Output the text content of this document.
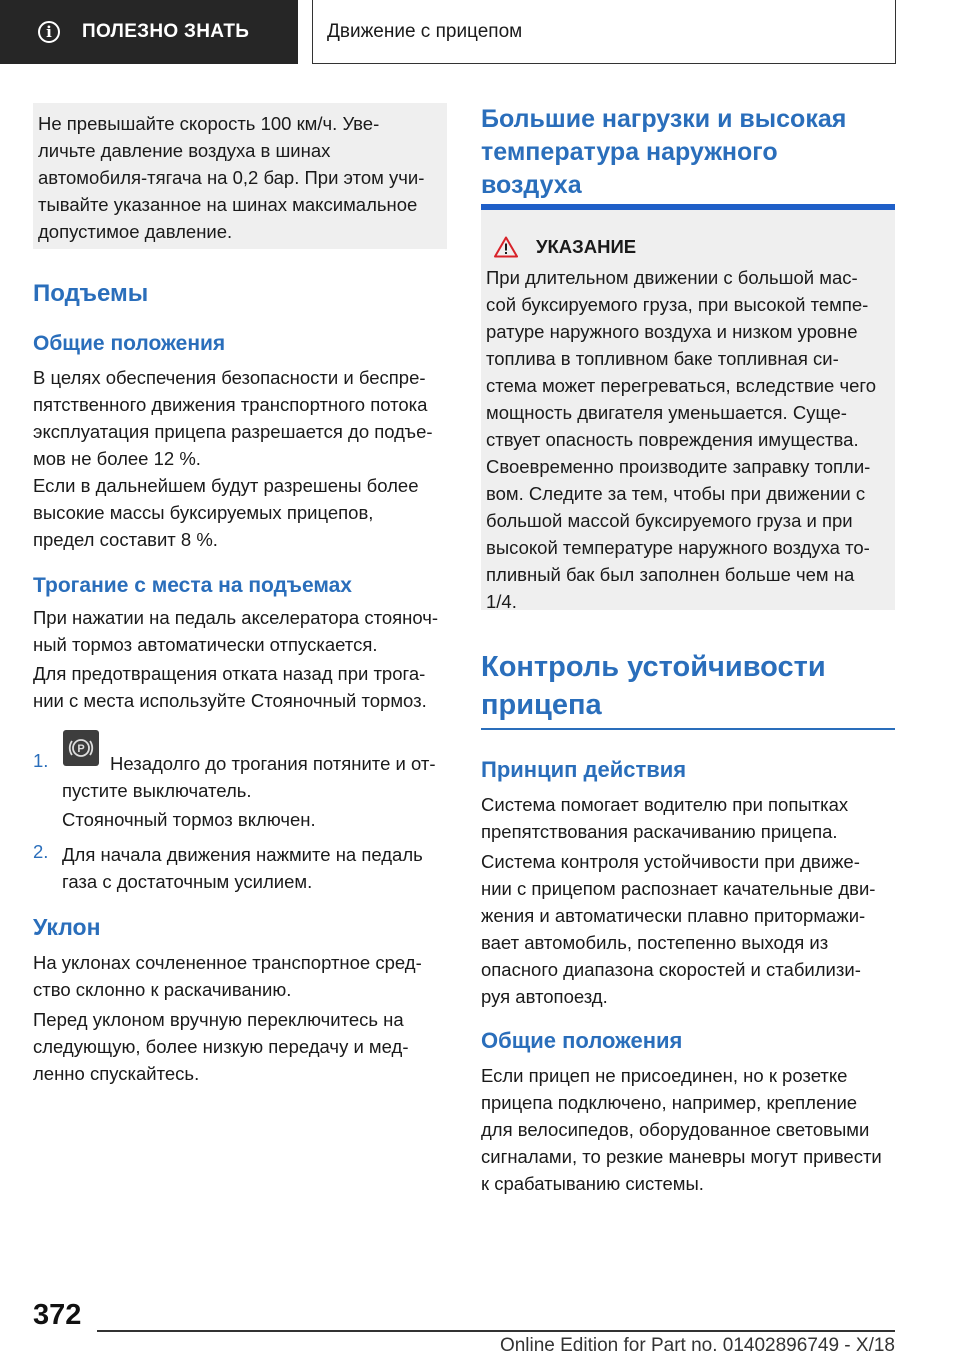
i	ПОЛЕЗНО ЗНАТЬ	Движение с прицепом

Не превышайте скорость 100 км/ч. Уве-

личьте давление воздуха в шинах

автомобиля-тягача на 0,2 бар. При этом учи-

тывайте указанное на шинах максимальное

допустимое давление.

Подъемы
Общие положения

В целях обеспечения безопасности и беспре-

пятственного движения транспортного потока

эксплуатация прицепа разрешается до подъе-

мов не более 12 %.

Если в дальнейшем будут разрешены более

высокие массы буксируемых прицепов,

предел составит 8 %.

Трогание с места на подъемах

При нажатии на педаль акселератора стояноч-

ный тормоз автоматически отпускается.

Для предотвращения отката назад при трога-

нии с места используйте Стояночный тормоз.

1.
P

Незадолго до трогания потяните и от-

пустите выключатель.

Стояночный тормоз включен.

2. Для начала движения нажмите на педаль

газа с достаточным усилием.

Уклон

На уклонах сочлененное транспортное сред-

ство склонно к раскачиванию.

Перед уклоном вручную переключитесь на

следующую, более низкую передачу и мед-

ленно спускайтесь.

Большие нагрузки и высокая
температура наружного
воздуха
УКАЗАНИЕ

При длительном движении с большой мас-

сой буксируемого груза, при высокой темпе-

ратуре наружного воздуха и низком уровне

топлива в топливном баке топливная си-

стема может перегреваться, вследствие чего

мощность двигателя уменьшается. Суще-

ствует опасность повреждения имущества.

Своевременно производите заправку топли-

вом. Следите за тем, чтобы при движении с

большой массой буксируемого груза и при

высокой температуре наружного воздуха то-

пливный бак был заполнен больше чем на

1/4.

Контроль устойчивости
прицепа
Принцип действия

Система помогает водителю при попытках

препятствования раскачиванию прицепа.

Система контроля устойчивости при движе-

нии с прицепом распознает качательные дви-

жения и автоматически плавно притормажи-

вает автомобиль, постепенно выходя из

опасного диапазона скоростей и стабилизи-

руя автопоезд.

Общие положения

Если прицеп не присоединен, но к розетке

прицепа подключено, например, крепление

для велосипедов, оборудованное световыми

сигналами, то резкие маневры могут привести

к срабатыванию системы.

372
Online Edition for Part no. 01402896749 - X/18
